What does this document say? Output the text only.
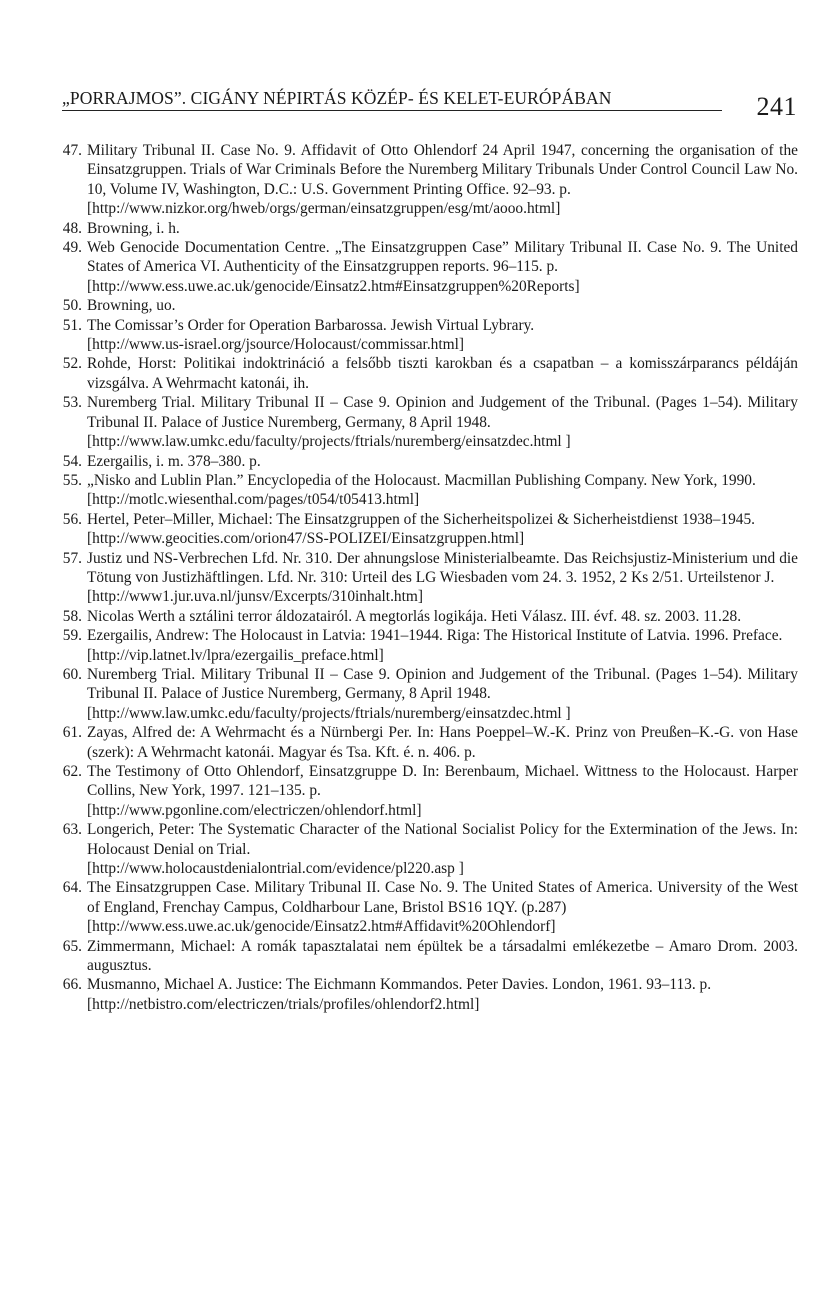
„PORRAJMOS”. CIGÁNY NÉPIRTÁS KÖZÉP- ÉS KELET-EURÓPÁBAN	241
47. Military Tribunal II. Case No. 9. Affidavit of Otto Ohlendorf 24 April 1947, concerning the organisation of the Einsatzgruppen. Trials of War Criminals Before the Nuremberg Military Tribunals Under Control Council Law No. 10, Volume IV, Washington, D.C.: U.S. Government Printing Office. 92–93. p.
[http://www.nizkor.org/hweb/orgs/german/einsatzgruppen/esg/mt/aooo.html]
48. Browning, i. h.
49. Web Genocide Documentation Centre. „The Einsatzgruppen Case” Military Tribunal II. Case No. 9. The United States of America VI. Authenticity of the Einsatzgruppen reports. 96–115. p.
[http://www.ess.uwe.ac.uk/genocide/Einsatz2.htm#Einsatzgruppen%20Reports]
50. Browning, uo.
51. The Comissar’s Order for Operation Barbarossa. Jewish Virtual Lybrary.
[http://www.us-israel.org/jsource/Holocaust/commissar.html]
52. Rohde, Horst: Politikai indoktrináció a felsőbb tiszti karokban és a csapatban – a komisszárparancs példáján vizsgálva. A Wehrmacht katonái, ih.
53. Nuremberg Trial. Military Tribunal II – Case 9. Opinion and Judgement of the Tribunal. (Pages 1–54). Military Tribunal II. Palace of Justice Nuremberg, Germany, 8 April 1948.
[http://www.law.umkc.edu/faculty/projects/ftrials/nuremberg/einsatzdec.html ]
54. Ezergailis, i. m. 378–380. p.
55. „Nisko and Lublin Plan.” Encyclopedia of the Holocaust. Macmillan Publishing Company. New York, 1990.
[http://motlc.wiesenthal.com/pages/t054/t05413.html]
56. Hertel, Peter–Miller, Michael: The Einsatzgruppen of the Sicherheitspolizei & Sicherheistdienst 1938–1945.
[http://www.geocities.com/orion47/SS-POLIZEI/Einsatzgruppen.html]
57. Justiz und NS-Verbrechen Lfd. Nr. 310. Der ahnungslose Ministerialbeamte. Das Reichsjustiz-Ministerium und die Tötung von Justizhäftlingen. Lfd. Nr. 310: Urteil des LG Wiesbaden vom 24. 3. 1952, 2 Ks 2/51. Urteilstenor J.
[http://www1.jur.uva.nl/junsv/Excerpts/310inhalt.htm]
58. Nicolas Werth a sztálini terror áldozatairól. A megtorlás logikája. Heti Válasz. III. évf. 48. sz. 2003. 11.28.
59. Ezergailis, Andrew: The Holocaust in Latvia: 1941–1944. Riga: The Historical Institute of Latvia. 1996. Preface.
[http://vip.latnet.lv/lpra/ezergailis_preface.html]
60. Nuremberg Trial. Military Tribunal II – Case 9. Opinion and Judgement of the Tribunal. (Pages 1–54). Military Tribunal II. Palace of Justice Nuremberg, Germany, 8 April 1948.
[http://www.law.umkc.edu/faculty/projects/ftrials/nuremberg/einsatzdec.html ]
61. Zayas, Alfred de: A Wehrmacht és a Nürnbergi Per. In: Hans Poeppel–W.-K. Prinz von Preußen–K.-G. von Hase (szerk): A Wehrmacht katonái. Magyar és Tsa. Kft. é. n. 406. p.
62. The Testimony of Otto Ohlendorf, Einsatzgruppe D. In: Berenbaum, Michael. Wittness to the Holocaust. Harper Collins, New York, 1997. 121–135. p.
[http://www.pgonline.com/electriczen/ohlendorf.html]
63. Longerich, Peter: The Systematic Character of the National Socialist Policy for the Extermination of the Jews. In: Holocaust Denial on Trial.
[http://www.holocaustdenialontrial.com/evidence/pl220.asp ]
64. The Einsatzgruppen Case. Military Tribunal II. Case No. 9. The United States of America. University of the West of England, Frenchay Campus, Coldharbour Lane, Bristol BS16 1QY. (p.287)
[http://www.ess.uwe.ac.uk/genocide/Einsatz2.htm#Affidavit%20Ohlendorf]
65. Zimmermann, Michael: A romák tapasztalatai nem épültek be a társadalmi emlékezetbe – Amaro Drom. 2003. augusztus.
66. Musmanno, Michael A. Justice: The Eichmann Kommandos. Peter Davies. London, 1961. 93–113. p.
[http://netbistro.com/electriczen/trials/profiles/ohlendorf2.html]
